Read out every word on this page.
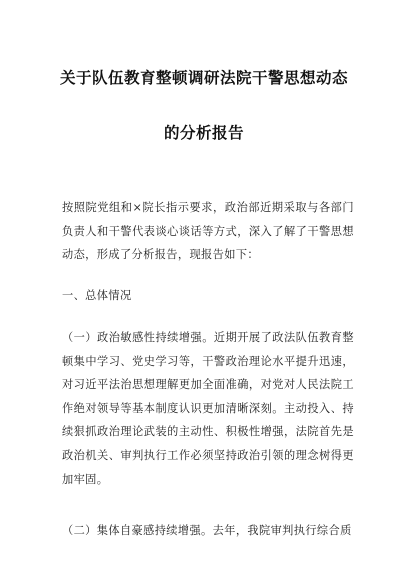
关于队伍教育整顿调研法院干警思想动态
的分析报告
按照院党组和×院长指示要求，政治部近期采取与各部门负责人和干警代表谈心谈话等方式，深入了解了干警思想动态，形成了分析报告，现报告如下：
一、总体情况
（一）政治敏感性持续增强。近期开展了政法队伍教育整顿集中学习、党史学习等，干警政治理论水平提升迅速，对习近平法治思想理解更加全面准确，对党对人民法院工作绝对领导等基本制度认识更加清晰深刻。主动投入、持续狠抓政治理论武装的主动性、积极性增强，法院首先是政治机关、审判执行工作必须坚持政治引领的理念树得更加牢固。
（二）集体自豪感持续增强。去年，我院审判执行综合质
